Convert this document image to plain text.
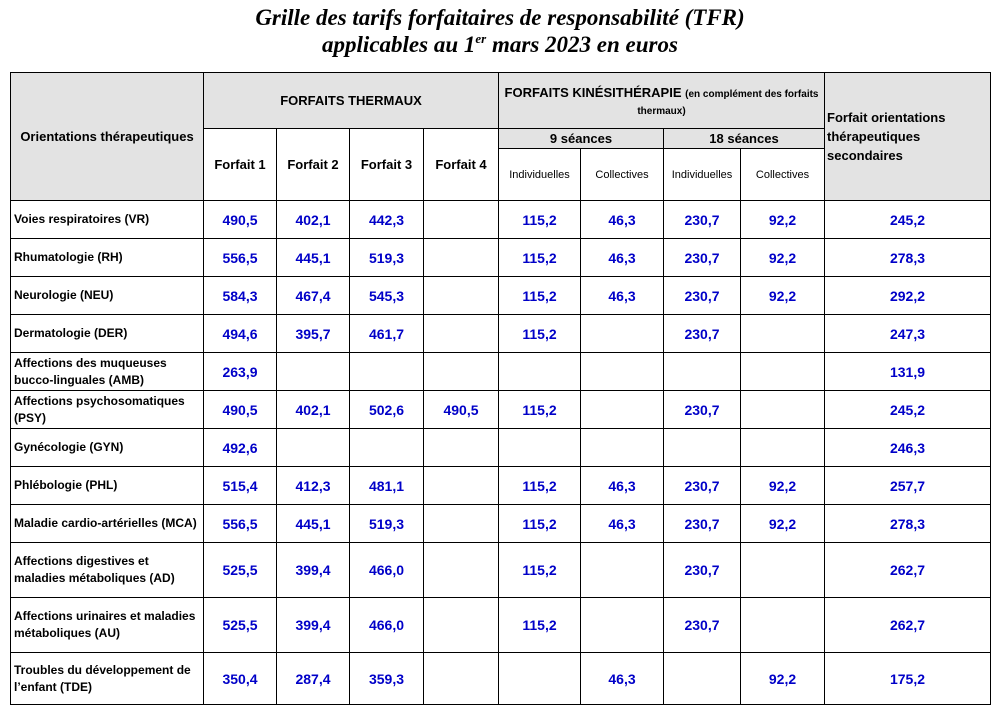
Grille des tarifs forfaitaires de responsabilité (TFR)
applicables au 1er mars 2023 en euros
Orientations thérapeutiques	FORFAITS THERMAUX				FORFAITS KINÉSITHÉRAPIE (en complément des forfaits thermaux)				Forfait orientations thérapeutiques secondaires
	Forfait 1	Forfait 2	Forfait 3	Forfait 4	9 séances		18 séances		
					Individuelles	Collectives	Individuelles	Collectives	
Voies respiratoires (VR)	490,5	402,1	442,3		115,2	46,3	230,7	92,2	245,2
Rhumatologie (RH)	556,5	445,1	519,3		115,2	46,3	230,7	92,2	278,3
Neurologie (NEU)	584,3	467,4	545,3		115,2	46,3	230,7	92,2	292,2
Dermatologie (DER)	494,6	395,7	461,7		115,2		230,7		247,3
Affections des muqueuses bucco-linguales (AMB)	263,9								131,9
Affections psychosomatiques (PSY)	490,5	402,1	502,6	490,5	115,2		230,7		245,2
Gynécologie (GYN)	492,6								246,3
Phlébologie (PHL)	515,4	412,3	481,1		115,2	46,3	230,7	92,2	257,7
Maladie cardio-artérielles (MCA)	556,5	445,1	519,3		115,2	46,3	230,7	92,2	278,3
Affections digestives et maladies métaboliques (AD)	525,5	399,4	466,0		115,2		230,7		262,7
Affections urinaires et maladies métaboliques (AU)	525,5	399,4	466,0		115,2		230,7		262,7
Troubles du développement de l’enfant (TDE)	350,4	287,4	359,3			46,3		92,2	175,2
